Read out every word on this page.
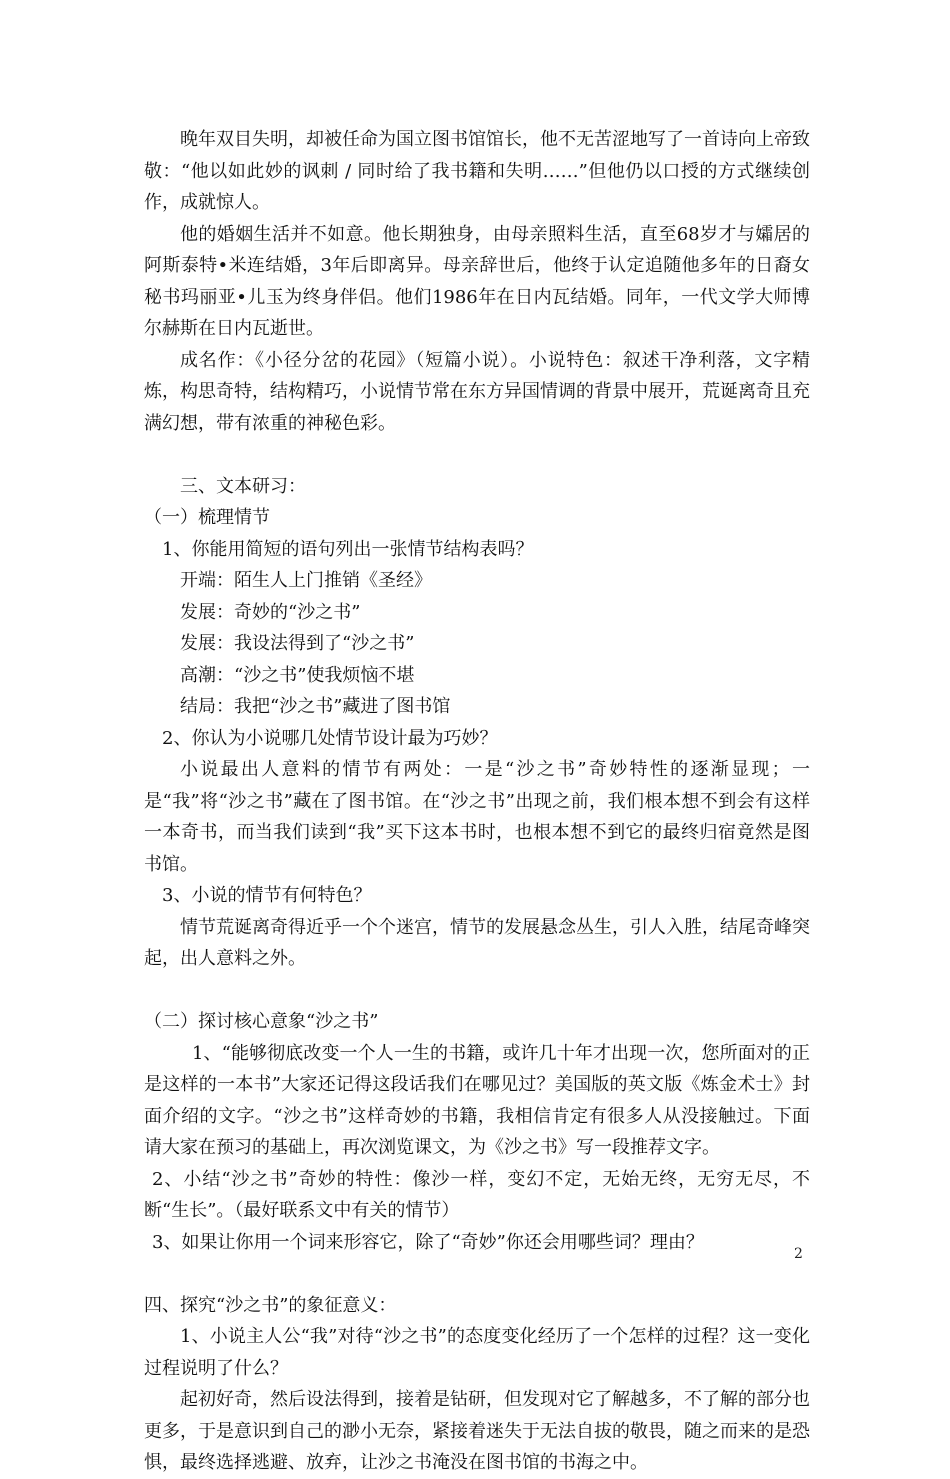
晚年双目失明，却被任命为国立图书馆馆长，他不无苦涩地写了一首诗向上帝致敬：“他以如此妙的讽刺 / 同时给了我书籍和失明……”但他仍以口授的方式继续创作，成就惊人。

他的婚姻生活并不如意。他长期独身，由母亲照料生活，直至68岁才与孀居的阿斯泰特•米连结婚，3年后即离异。母亲辞世后，他终于认定追随他多年的日裔女秘书玛丽亚•儿玉为终身伴侣。他们1986年在日内瓦结婚。同年，一代文学大师博尔赫斯在日内瓦逝世。

成名作：《小径分岔的花园》（短篇小说）。小说特色：叙述干净利落，文字精炼，构思奇特，结构精巧，小说情节常在东方异国情调的背景中展开，荒诞离奇且充满幻想，带有浓重的神秘色彩。

三、文本研习：

（一）梳理情节

1、你能用简短的语句列出一张情节结构表吗？

开端：陌生人上门推销《圣经》

发展：奇妙的“沙之书”

发展：我设法得到了“沙之书”

高潮：“沙之书”使我烦恼不堪

结局：我把“沙之书”藏进了图书馆

2、你认为小说哪几处情节设计最为巧妙？

小说最出人意料的情节有两处：一是“沙之书”奇妙特性的逐渐显现；一是“我”将“沙之书”藏在了图书馆。在“沙之书”出现之前，我们根本想不到会有这样一本奇书，而当我们读到“我”买下这本书时，也根本想不到它的最终归宿竟然是图书馆。

3、小说的情节有何特色？

情节荒诞离奇得近乎一个个迷宫，情节的发展悬念丛生，引人入胜，结尾奇峰突起，出人意料之外。

（二）探讨核心意象“沙之书”

1、“能够彻底改变一个人一生的书籍，或许几十年才出现一次，您所面对的正是这样的一本书”大家还记得这段话我们在哪见过？美国版的英文版《炼金术士》封面介绍的文字。“沙之书”这样奇妙的书籍，我相信肯定有很多人从没接触过。下面请大家在预习的基础上，再次浏览课文，为《沙之书》写一段推荐文字。

2、小结“沙之书”奇妙的特性：像沙一样，变幻不定，无始无终，无穷无尽，不断“生长”。（最好联系文中有关的情节）

3、如果让你用一个词来形容它，除了“奇妙”你还会用哪些词？理由？

四、探究“沙之书”的象征意义：

1、小说主人公“我”对待“沙之书”的态度变化经历了一个怎样的过程？这一变化过程说明了什么？

起初好奇，然后设法得到，接着是钻研，但发现对它了解越多，不了解的部分也更多，于是意识到自己的渺小无奈，紧接着迷失于无法自拔的敬畏，随之而来的是恐惧，最终选择逃避、放弃，让沙之书淹没在图书馆的书海之中。

2
